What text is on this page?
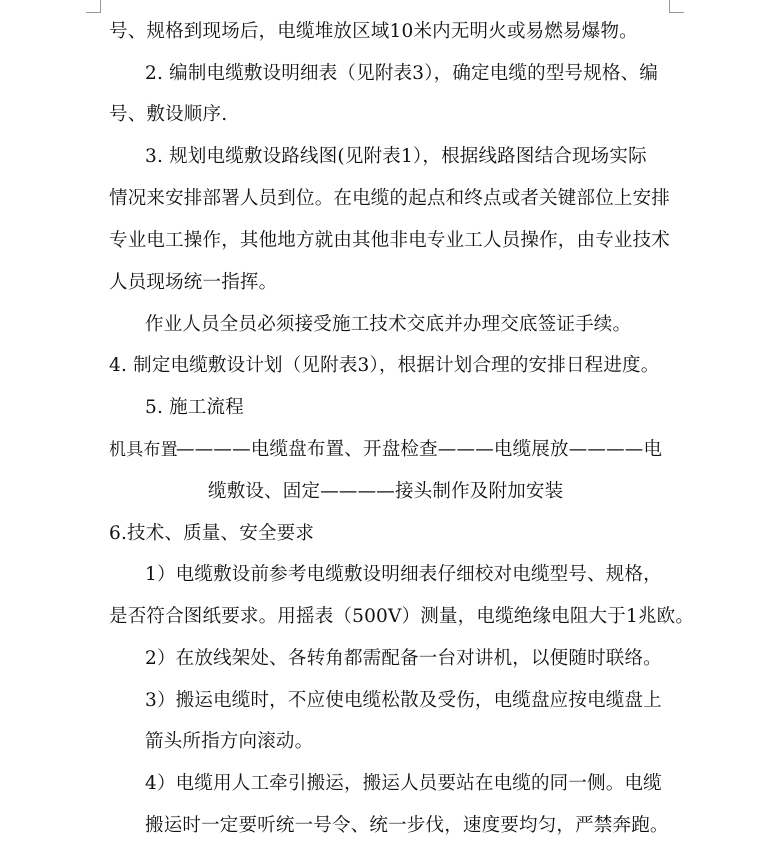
号、规格到现场后，电缆堆放区域10米内无明火或易燃易爆物。
2. 编制电缆敷设明细表（见附表3），确定电缆的型号规格、编
号、敷设顺序.
3. 规划电缆敷设路线图(见附表1），根据线路图结合现场实际
情况来安排部署人员到位。在电缆的起点和终点或者关键部位上安排
专业电工操作，其他地方就由其他非电专业工人员操作，由专业技术
人员现场统一指挥。
作业人员全员必须接受施工技术交底并办理交底签证手续。
4. 制定电缆敷设计划（见附表3），根据计划合理的安排日程进度。
5. 施工流程
机具布置
————电缆盘布置、开盘检查———电缆展放————电
缆敷设、固定————接头制作及附加安装
6.技术、质量、安全要求
1）电缆敷设前参考电缆敷设明细表仔细校对电缆型号、规格，
是否符合图纸要求。用摇表（500V）测量，电缆绝缘电阻大于1兆欧。
2）在放线架处、各转角都需配备一台对讲机，以便随时联络。
3）搬运电缆时，不应使电缆松散及受伤，电缆盘应按电缆盘上
箭头所指方向滚动。
4）电缆用人工牵引搬运，搬运人员要站在电缆的同一侧。电缆
搬运时一定要听统一号令、统一步伐，速度要均匀，严禁奔跑。
